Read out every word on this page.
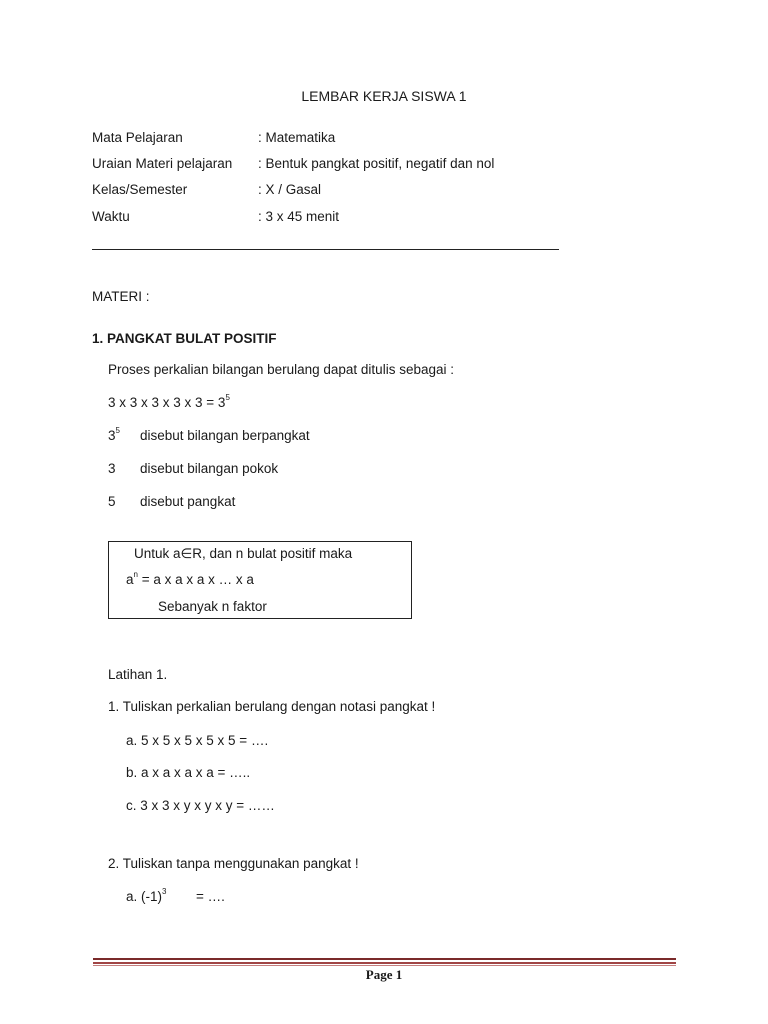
LEMBAR KERJA SISWA 1
Mata Pelajaran	: Matematika
Uraian Materi pelajaran : Bentuk pangkat positif, negatif dan nol
Kelas/Semester	: X / Gasal
Waktu	: 3 x 45 menit
MATERI :
1. PANGKAT BULAT POSITIF
Proses perkalian bilangan berulang dapat ditulis sebagai :
3 x 3 x 3 x 3 x $3 = 3^5$
$3^5$ disebut bilangan berpangkat
3 disebut bilangan pokok
5 disebut pangkat
Untuk a∈R, dan n bulat positif maka
$a^n = a$ x a x a x … x a
Sebanyak n faktor
Latihan 1.
1. Tuliskan perkalian berulang dengan notasi pangkat !
a. 5 x 5 x 5 x 5 x 5 = ….
b. a x a x a x a = …..
c. 3 x 3 x y x y x y = ……
2. Tuliskan tanpa menggunakan pangkat !
a. $(-1)^3$ = ….
Page 1
